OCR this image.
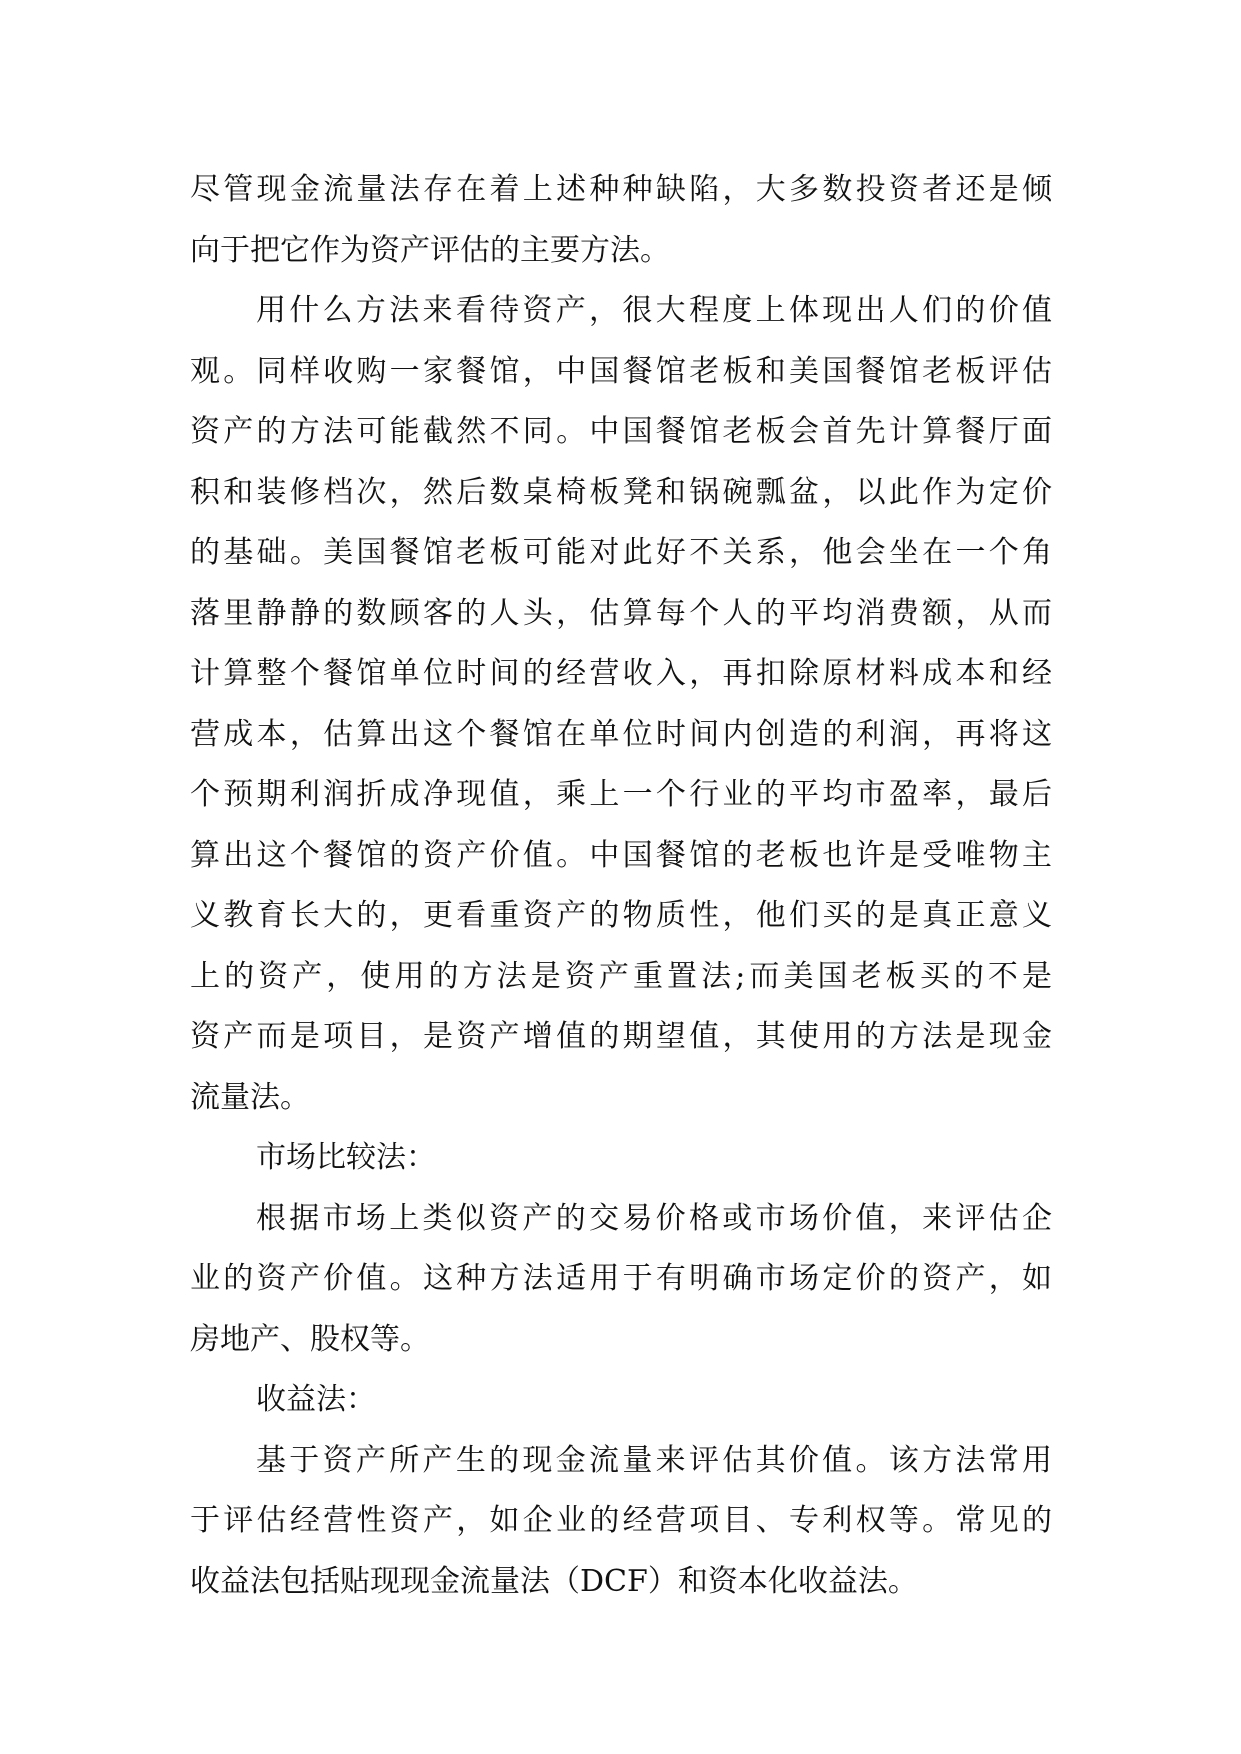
尽管现金流量法存在着上述种种缺陷，大多数投资者还是倾
向于把它作为资产评估的主要方法。
用什么方法来看待资产，很大程度上体现出人们的价值
观。同样收购一家餐馆，中国餐馆老板和美国餐馆老板评估
资产的方法可能截然不同。中国餐馆老板会首先计算餐厅面
积和装修档次，然后数桌椅板凳和锅碗瓢盆，以此作为定价
的基础。美国餐馆老板可能对此好不关系，他会坐在一个角
落里静静的数顾客的人头，估算每个人的平均消费额，从而
计算整个餐馆单位时间的经营收入，再扣除原材料成本和经
营成本，估算出这个餐馆在单位时间内创造的利润，再将这
个预期利润折成净现值，乘上一个行业的平均市盈率，最后
算出这个餐馆的资产价值。中国餐馆的老板也许是受唯物主
义教育长大的，更看重资产的物质性，他们买的是真正意义
上的资产，使用的方法是资产重置法;而美国老板买的不是
资产而是项目，是资产增值的期望值，其使用的方法是现金
流量法。
市场比较法：
根据市场上类似资产的交易价格或市场价值，来评估企
业的资产价值。这种方法适用于有明确市场定价的资产，如
房地产、股权等。
收益法：
基于资产所产生的现金流量来评估其价值。该方法常用
于评估经营性资产，如企业的经营项目、专利权等。常见的
收益法包括贴现现金流量法（DCF）和资本化收益法。
